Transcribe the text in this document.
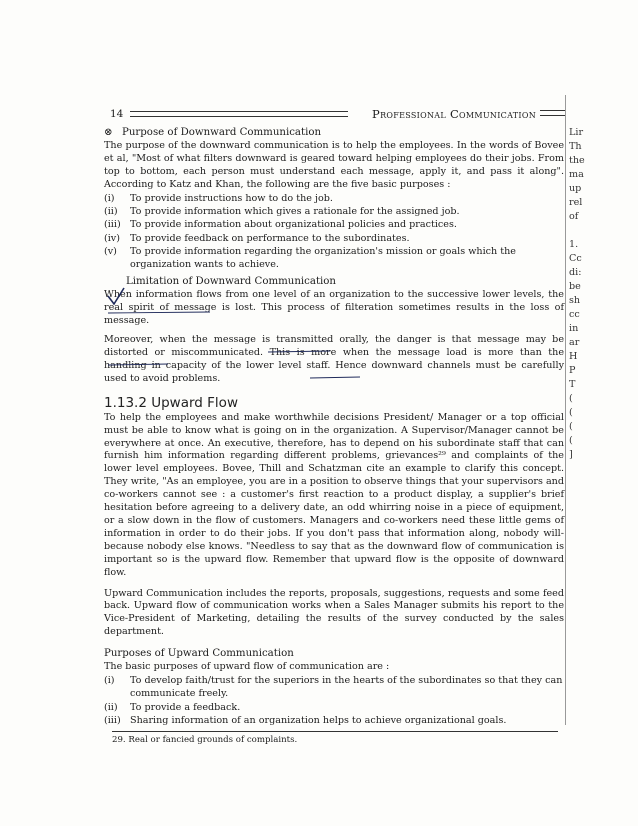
14	Professional Communication

⊗ Purpose of Downward Communication

The purpose of the downward communication is to help the employees. In the words of Bovee et al, "Most of what filters downward is geared toward helping employees do their jobs. From top to bottom, each person must understand each message, apply it, and pass it along". According to Katz and Khan, the following are the five basic purposes :

(i) To provide instructions how to do the job.
(ii) To provide information which gives a rationale for the assigned job.
(iii) To provide information about organizational policies and practices.
(iv) To provide feedback on performance to the subordinates.
(v) To provide information regarding the organization's mission or goals which the organization wants to achieve.

Limitation of Downward Communication

When information flows from one level of an organization to the successive lower levels, the real spirit of message is lost. This process of filteration sometimes results in the loss of message.

Moreover, when the message is transmitted orally, the danger is that message may be distorted or miscommunicated. This is more when the message load is more than the handling in capacity of the lower level staff. Hence downward channels must be carefully used to avoid problems.

1.13.2 Upward Flow

To help the employees and make worthwhile decisions President/ Manager or a top official must be able to know what is going on in the organization. A Supervisor/Manager cannot be everywhere at once. An executive, therefore, has to depend on his subordinate staff that can furnish him information regarding different problems, grievances²⁹ and complaints of the lower level employees. Bovee, Thill and Schatzman cite an example to clarify this concept. They write, "As an employee, you are in a position to observe things that your supervisors and co-workers cannot see : a customer's first reaction to a product display, a supplier's brief hesitation before agreeing to a delivery date, an odd whirring noise in a piece of equipment, or a slow down in the flow of customers. Managers and co-workers need these little gems of information in order to do their jobs. If you don't pass that information along, nobody will-because nobody else knows. "Needless to say that as the downward flow of communication is important so is the upward flow. Remember that upward flow is the opposite of downward flow.

Upward Communication includes the reports, proposals, suggestions, requests and some feed back. Upward flow of communication works when a Sales Manager submits his report to the Vice-President of Marketing, detailing the results of the survey conducted by the sales department.

Purposes of Upward Communication

The basic purposes of upward flow of communication are :

(i) To develop faith/trust for the superiors in the hearts of the subordinates so that they can communicate freely.
(ii) To provide a feedback.
(iii) Sharing information of an organization helps to achieve organizational goals.
29. Real or fancied grounds of complaints.
Lir
Th
the
ma
up
rel
of
1.
Cc
di:
be
sh
cc
in
ar
H
P
T
(
(
(
(
]
